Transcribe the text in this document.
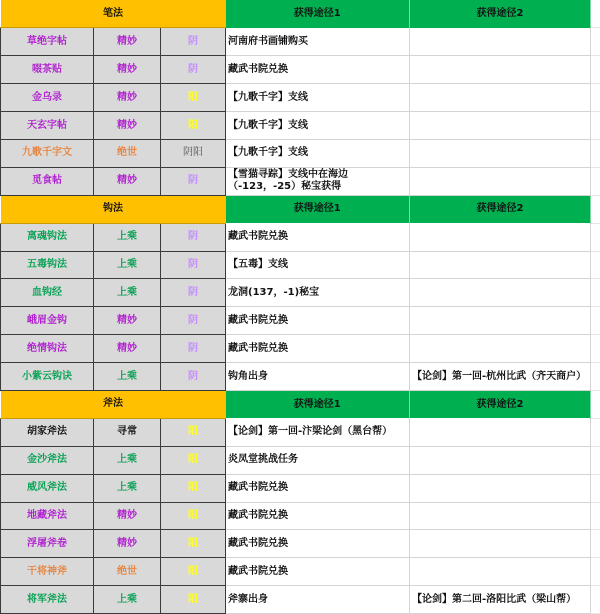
笔法			获得途径1	获得途径2	
草绝字帖	精妙	阴	河南府书画铺购买		
啜茶贴	精妙	阴	藏武书院兑换		
金乌录	精妙	阳	【九歌千字】支线		
天玄字帖	精妙	阳	【九歌千字】支线		
九歌千字文	绝世	阴阳	【九歌千字】支线		
觅食帖	精妙	阴	【雪猫寻踪】支线中在海边（-123，-25）秘宝获得		
钩法			获得途径1	获得途径2	
离魂钩法	上乘	阴	藏武书院兑换		
五毒钩法	上乘	阴	【五毒】支线		
血钩经	上乘	阴	龙洞(137，-1)秘宝		
峨眉金钩	精妙	阴	藏武书院兑换		
绝情钩法	精妙	阴	藏武书院兑换		
小紫云钩诀	上乘	阴	钩角出身	【论剑】第一回-杭州比武（齐天商户）	
斧法			获得途径1	获得途径2	
胡家斧法	寻常	阳	【论剑】第一回-汴梁论剑（黑台帮）		
金沙斧法	上乘	阳	炎凤堂挑战任务		
威风斧法	上乘	阳	藏武书院兑换		
地藏斧法	精妙	阳	藏武书院兑换		
浮屠斧卷	精妙	阳	藏武书院兑换		
干将神斧	绝世	阳	藏武书院兑换		
将军斧法	上乘	阳	斧寨出身	【论剑】第二回-洛阳比武（梁山帮）	
